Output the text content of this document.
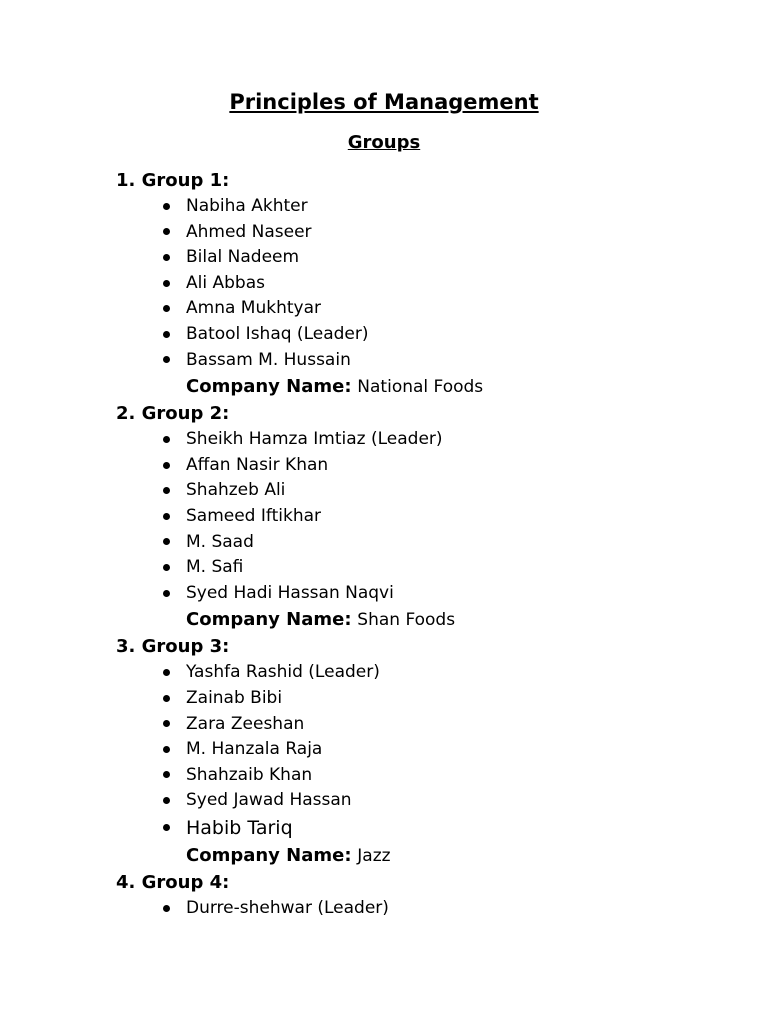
Principles of Management
Groups
1. Group 1:
Nabiha Akhter
Ahmed Naseer
Bilal Nadeem
Ali Abbas
Amna Mukhtyar
Batool Ishaq (Leader)
Bassam M. Hussain
Company Name: National Foods
2. Group 2:
Sheikh Hamza Imtiaz (Leader)
Affan Nasir Khan
Shahzeb Ali
Sameed Iftikhar
M. Saad
M. Safi
Syed Hadi Hassan Naqvi
Company Name: Shan Foods
3. Group 3:
Yashfa Rashid (Leader)
Zainab Bibi
Zara Zeeshan
M. Hanzala Raja
Shahzaib Khan
Syed Jawad Hassan
Habib Tariq
Company Name: Jazz
4. Group 4:
Durre-shehwar (Leader)
